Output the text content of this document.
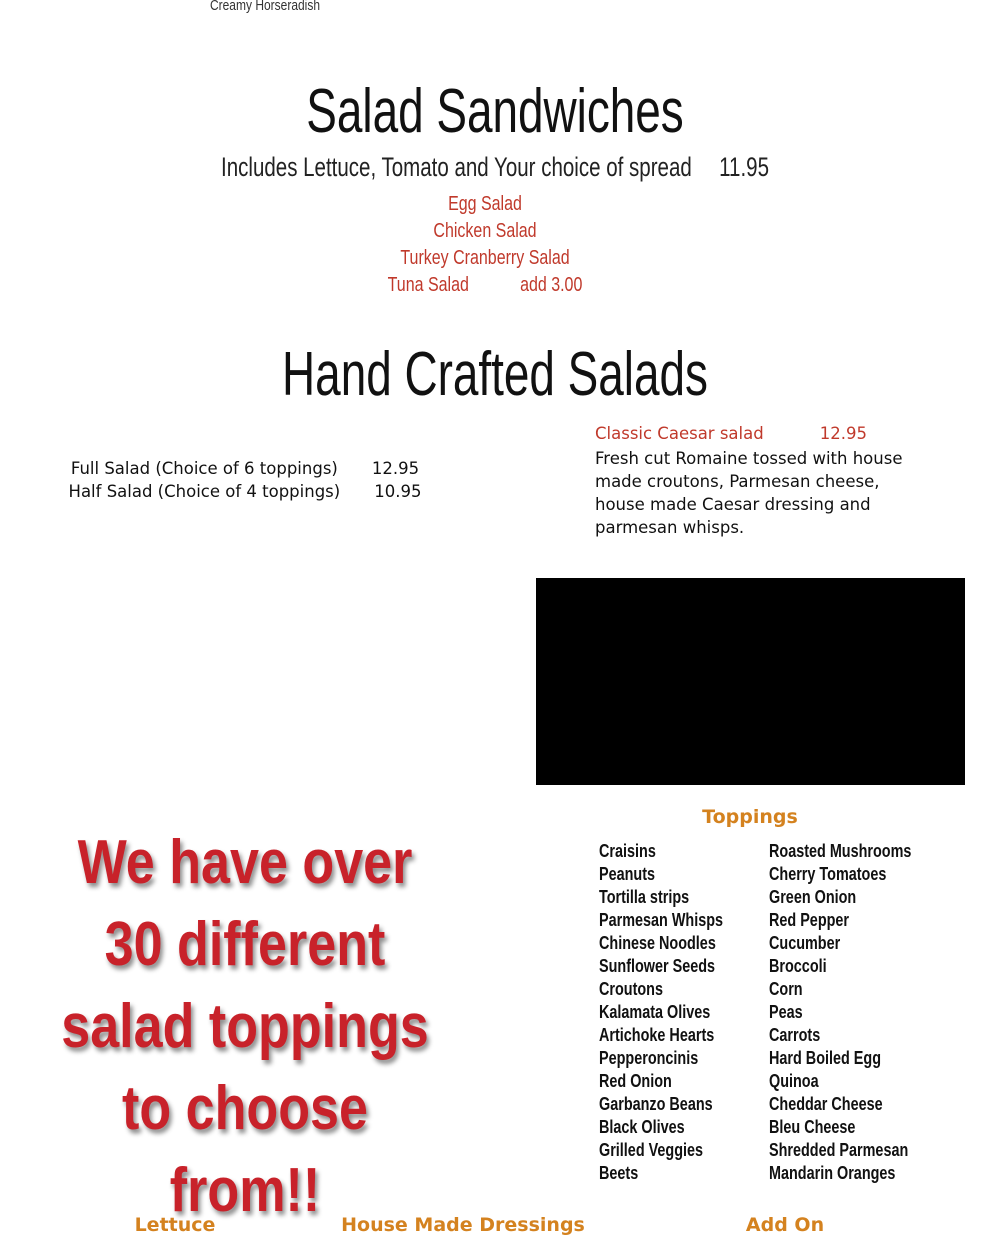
Creamy Horseradish
Salad Sandwiches
Includes Lettuce, Tomato and Your choice of spread 11.95
Egg Salad
Chicken Salad
Turkey Cranberry Salad
Tuna Salad	add 3.00
Hand Crafted Salads
Full Salad (Choice of 6 toppings) 12.95
Half Salad (Choice of 4 toppings) 10.95
Classic Caesar salad	12.95
Fresh cut Romaine tossed with house made croutons, Parmesan cheese, house made Caesar dressing and parmesan whisps.
We have over 30 different salad toppings to choose from!!
Toppings
Craisins
Peanuts
Tortilla strips
Parmesan Whisps
Chinese Noodles
Sunflower Seeds
Croutons
Kalamata Olives
Artichoke Hearts
Pepperoncinis
Red Onion
Garbanzo Beans
Black Olives
Grilled Veggies
Beets
Roasted Mushrooms
Cherry Tomatoes
Green Onion
Red Pepper
Cucumber
Broccoli
Corn
Peas
Carrots
Hard Boiled Egg
Quinoa
Cheddar Cheese
Bleu Cheese
Shredded Parmesan
Mandarin Oranges
Lettuce	House Made Dressings	Add On
